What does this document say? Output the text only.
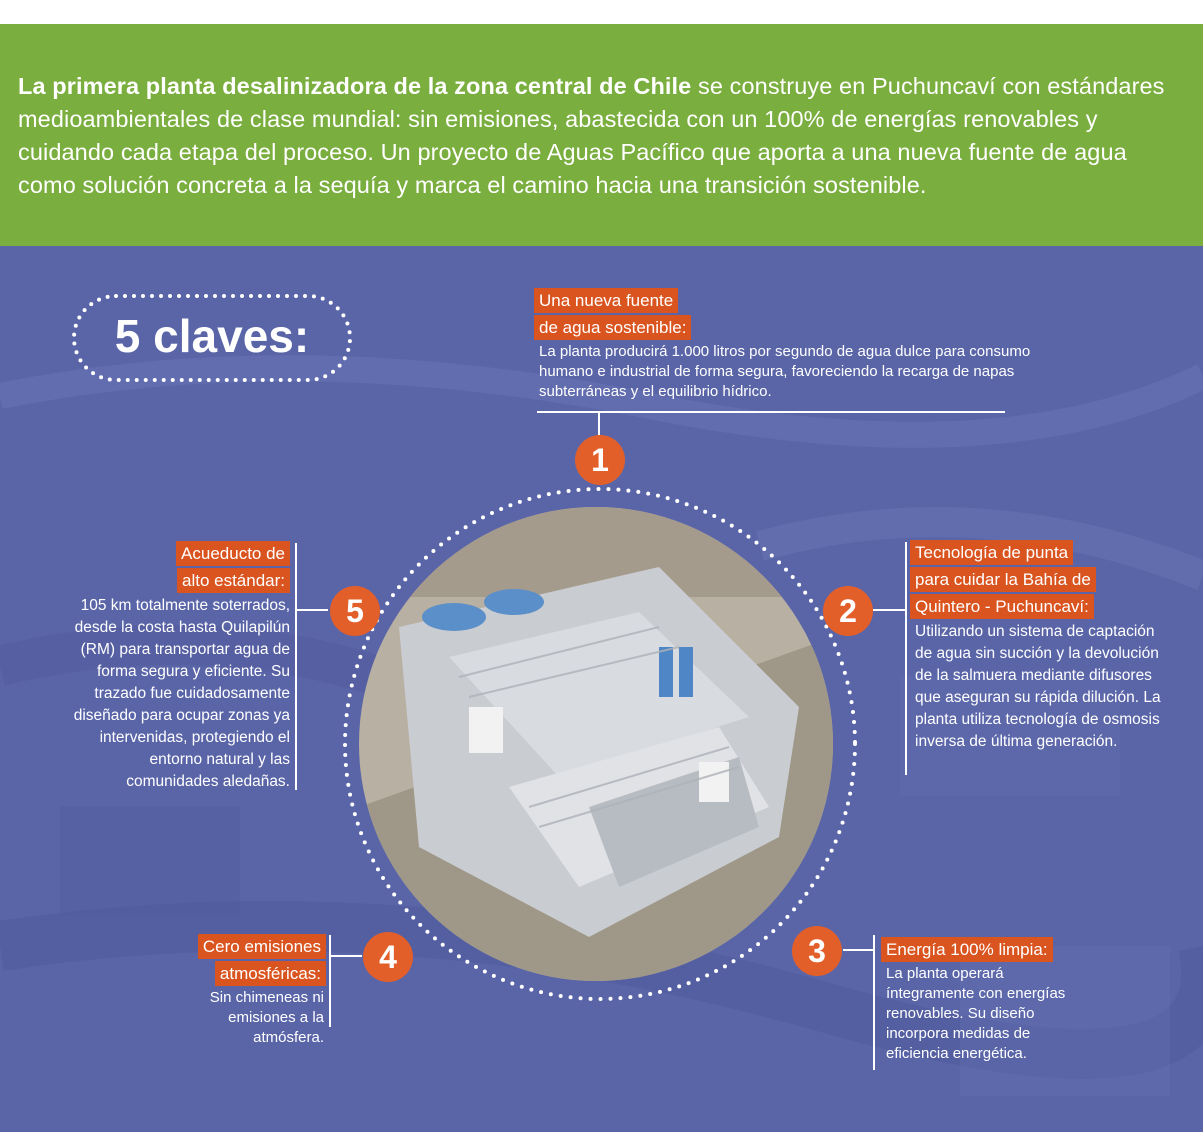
La primera planta desalinizadora de la zona central de Chile se construye en Puchuncaví con estándares medioambientales de clase mundial: sin emisiones, abastecida con un 100% de energías renovables y cuidando cada etapa del proceso. Un proyecto de Aguas Pacífico que aporta a una nueva fuente de agua como solución concreta a la sequía y marca el camino hacia una transición sostenible.

5 claves:
1
2
3
4
5
Una nueva fuente
de agua sostenible:

La planta producirá 1.000 litros por segundo de agua dulce para consumo humano e industrial de forma segura, favoreciendo la recarga de napas subterráneas y el equilibrio hídrico.

Tecnología de punta
para cuidar la Bahía de
Quintero - Puchuncaví:

Utilizando un sistema de captación de agua sin succión y la devolución de la salmuera mediante difusores que aseguran su rápida dilución. La planta utiliza tecnología de osmosis inversa de última generación.

Energía 100% limpia:

La planta operará íntegramente con energías renovables. Su diseño incorpora medidas de eficiencia energética.

Cero emisiones
atmosféricas:

Sin chimeneas ni emisiones a la atmósfera.

Acueducto de
alto estándar:

105 km totalmente soterrados, desde la costa hasta Quilapilún (RM) para transportar agua de forma segura y eficiente. Su trazado fue cuidadosamente diseñado para ocupar zonas ya intervenidas, protegiendo el entorno natural y las comunidades aledañas.
